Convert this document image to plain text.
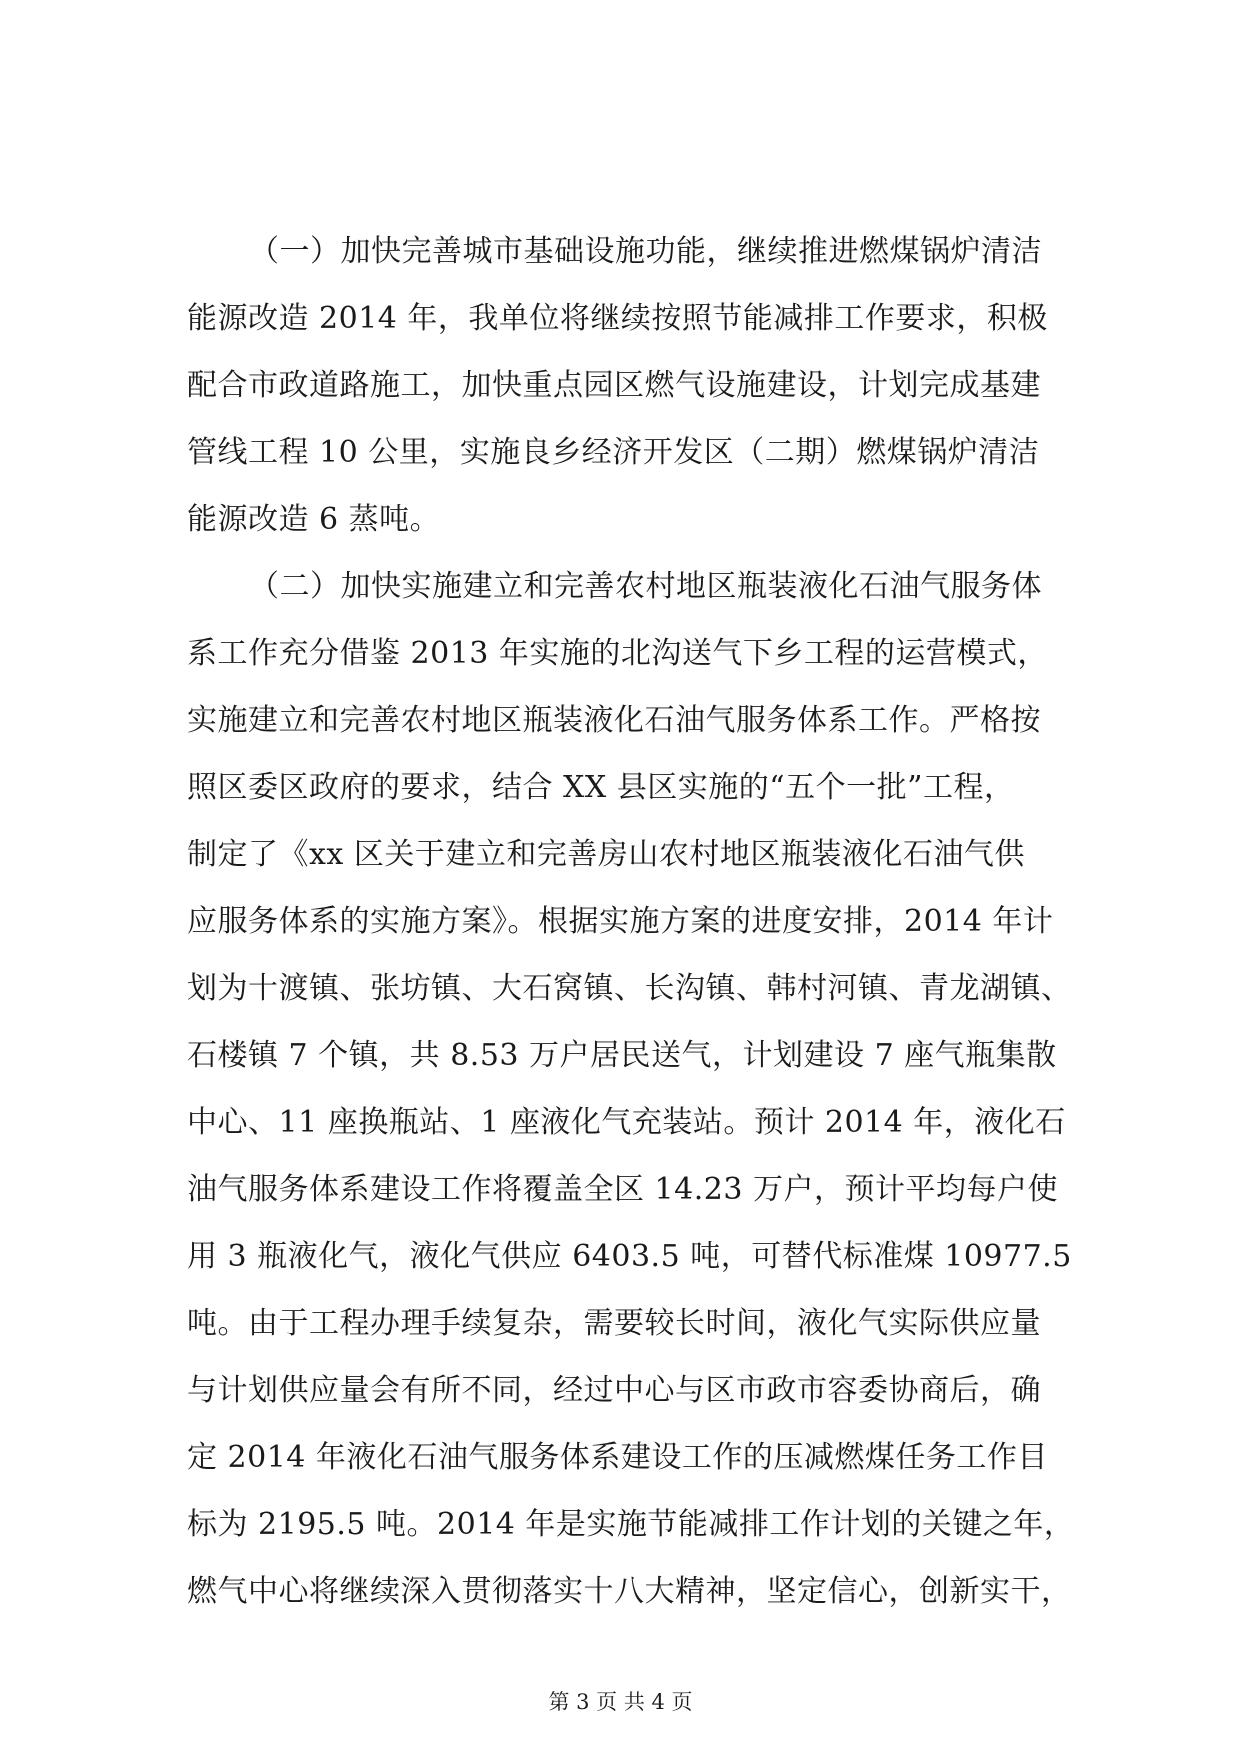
（一）加快完善城市基础设施功能，继续推进燃煤锅炉清洁
能源改造 2014 年，我单位将继续按照节能减排工作要求，积极
配合市政道路施工，加快重点园区燃气设施建设，计划完成基建
管线工程 10 公里，实施良乡经济开发区（二期）燃煤锅炉清洁
能源改造 6 蒸吨。
（二）加快实施建立和完善农村地区瓶装液化石油气服务体
系工作充分借鉴 2013 年实施的北沟送气下乡工程的运营模式，
实施建立和完善农村地区瓶装液化石油气服务体系工作。严格按
照区委区政府的要求，结合 XX 县区实施的“五个一批”工程，
制定了《xx 区关于建立和完善房山农村地区瓶装液化石油气供
应服务体系的实施方案》。根据实施方案的进度安排，2014 年计
划为十渡镇、张坊镇、大石窝镇、长沟镇、韩村河镇、青龙湖镇、
石楼镇 7 个镇，共 8.53 万户居民送气，计划建设 7 座气瓶集散
中心、11 座换瓶站、1 座液化气充装站。预计 2014 年，液化石
油气服务体系建设工作将覆盖全区 14.23 万户，预计平均每户使
用 3 瓶液化气，液化气供应 6403.5 吨，可替代标准煤 10977.5
吨。由于工程办理手续复杂，需要较长时间，液化气实际供应量
与计划供应量会有所不同，经过中心与区市政市容委协商后，确
定 2014 年液化石油气服务体系建设工作的压减燃煤任务工作目
标为 2195.5 吨。2014 年是实施节能减排工作计划的关键之年，
燃气中心将继续深入贯彻落实十八大精神，坚定信心，创新实干，
第 3 页 共 4 页
